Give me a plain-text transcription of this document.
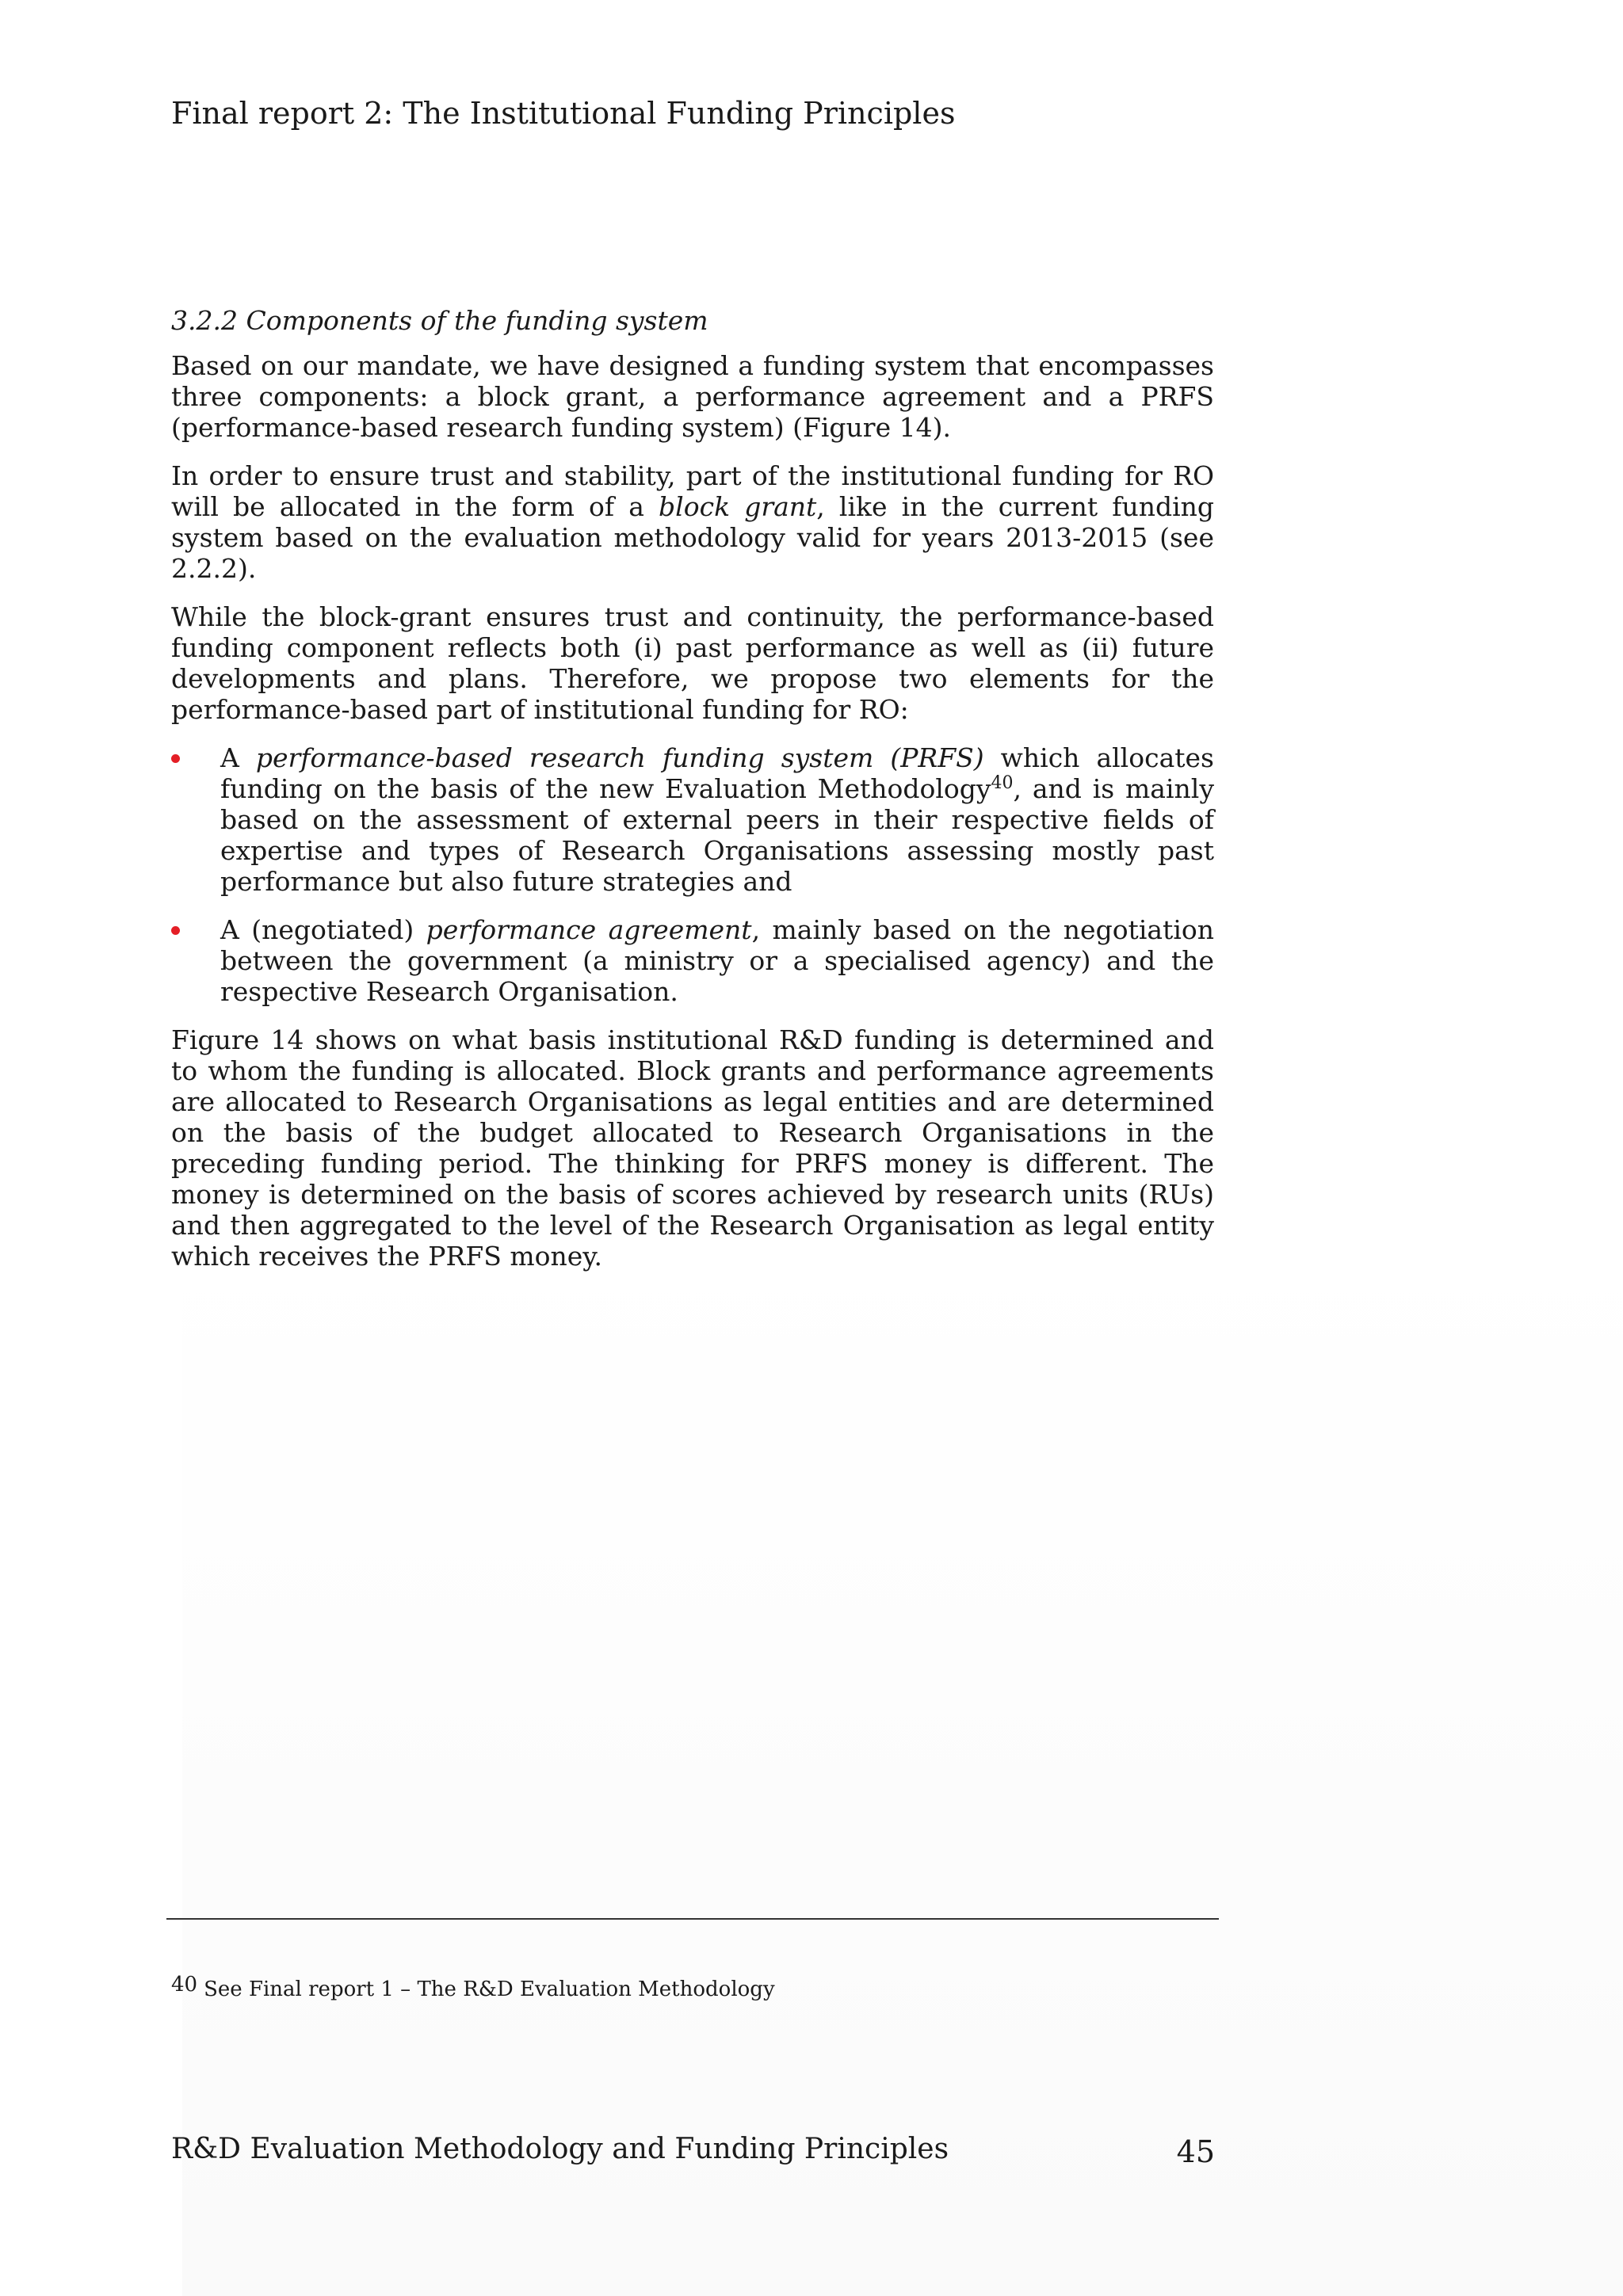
Final report 2: The Institutional Funding Principles
3.2.2 Components of the funding system

Based on our mandate, we have designed a funding system that encompasses three components: a block grant, a performance agreement and a PRFS (performance-based research funding system) (Figure 14).

In order to ensure trust and stability, part of the institutional funding for RO will be allocated in the form of a block grant, like in the current funding system based on the evaluation methodology valid for years 2013-2015 (see 2.2.2).

While the block-grant ensures trust and continuity, the performance-based funding component reflects both (i) past performance as well as (ii) future developments and plans. Therefore, we propose two elements for the performance-based part of institutional funding for RO:

A performance-based research funding system (PRFS) which allocates funding on the basis of the new Evaluation Methodology$^{40}$, and is mainly based on the assessment of external peers in their respective fields of expertise and types of Research Organisations assessing mostly past performance but also future strategies and
A (negotiated) performance agreement, mainly based on the negotiation between the government (a ministry or a specialised agency) and the respective Research Organisation.

Figure 14 shows on what basis institutional R&D funding is determined and to whom the funding is allocated. Block grants and performance agreements are allocated to Research Organisations as legal entities and are determined on the basis of the budget allocated to Research Organisations in the preceding funding period. The thinking for PRFS money is different. The money is determined on the basis of scores achieved by research units (RUs) and then aggregated to the level of the Research Organisation as legal entity which receives the PRFS money.

40 See Final report 1 – The R&D Evaluation Methodology
R&D Evaluation Methodology and Funding Principles	45
